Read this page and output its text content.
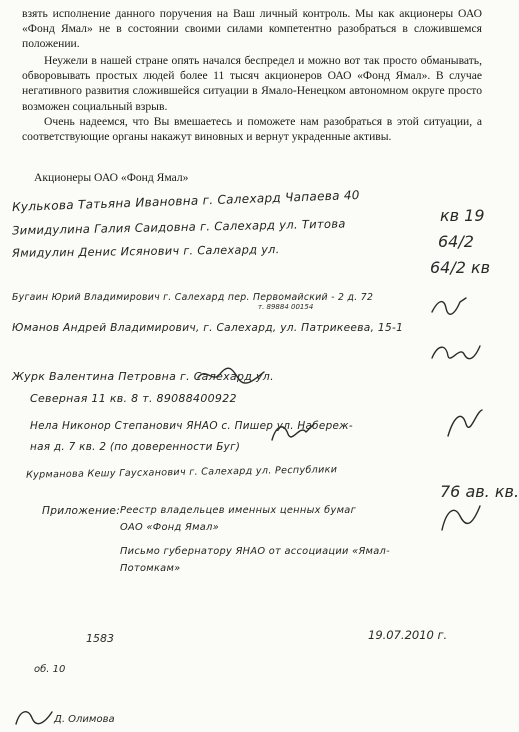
взять исполнение данного поручения на Ваш личный контроль. Мы как акционеры ОАО «Фонд Ямал» не в состоянии своими силами компетентно разобраться в сложившемся положении.

Неужели в нашей стране опять начался беспредел и можно вот так просто обманывать, обворовывать простых людей более 11 тысяч акционеров ОАО «Фонд Ямал». В случае негативного развития сложившейся ситуации в Ямало-Ненецком автономном округе просто возможен социальный взрыв.

Очень надеемся, что Вы вмешаетесь и поможете нам разобраться в этой ситуации, а соответствующие органы накажут виновных и вернут украденные активы.

Акционеры ОАО «Фонд Ямал»

Кулькова Татьяна Ивановна г. Салехард Чапаева 40
кв 19
Зимидулина Галия Саидовна г. Салехард ул. Титова
Ямидулин Денис Исянович г. Салехард ул.
64/2
64/2 кв
Бугаин Юрий Владимирович г. Салехард пер. Первомайский - 2 д. 72
т. 89884 00154
Юманов Андрей Владимирович, г. Салехард, ул. Патрикеева, 15-1
Журк Валентина Петровна г. Салехард ул.
Северная 11 кв. 8 т. 89088400922
Нела Никонор Степанович ЯНАО с. Пишер ул. Набереж-
ная д. 7 кв. 2 (по доверенности Буг)
Курманова Кешу Гаусханович г. Салехард ул. Республики
76 ав. кв.
Приложение: Реестр владельцев именных ценных бумаг
ОАО «Фонд Ямал»
Письмо губернатору ЯНАО от ассоциации «Ямал-
Потомкам»
1583	19.07.2010 г.
об. 10
Д. Олимова
